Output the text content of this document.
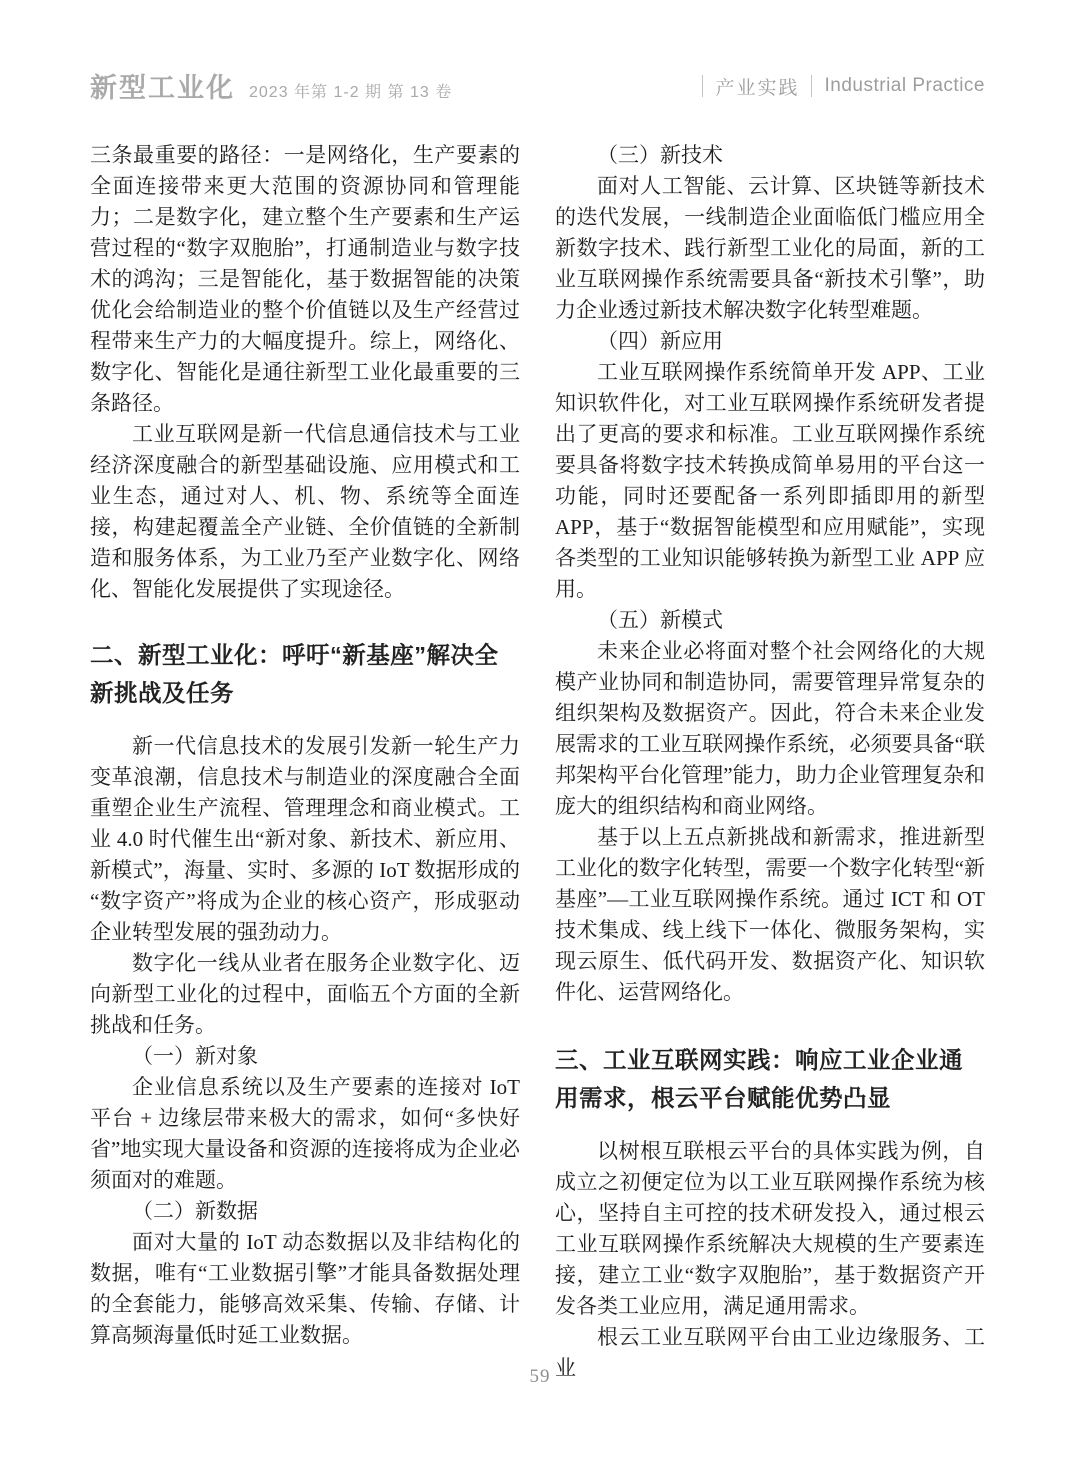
新型工业化 2023 年第 1-2 期 第 13 卷	产业实践 Industrial Practice

三条最重要的路径：一是网络化，生产要素的全面连接带来更大范围的资源协同和管理能力；二是数字化，建立整个生产要素和生产运营过程的“数字双胞胎”，打通制造业与数字技术的鸿沟；三是智能化，基于数据智能的决策优化会给制造业的整个价值链以及生产经营过程带来生产力的大幅度提升。综上，网络化、数字化、智能化是通往新型工业化最重要的三条路径。

工业互联网是新一代信息通信技术与工业经济深度融合的新型基础设施、应用模式和工业生态，通过对人、机、物、系统等全面连接，构建起覆盖全产业链、全价值链的全新制造和服务体系，为工业乃至产业数字化、网络化、智能化发展提供了实现途径。

二、新型工业化：呼吁“新基座”解决全新挑战及任务

新一代信息技术的发展引发新一轮生产力变革浪潮，信息技术与制造业的深度融合全面重塑企业生产流程、管理理念和商业模式。工业 4.0 时代催生出“新对象、新技术、新应用、新模式”，海量、实时、多源的 IoT 数据形成的“数字资产”将成为企业的核心资产，形成驱动企业转型发展的强劲动力。

数字化一线从业者在服务企业数字化、迈向新型工业化的过程中，面临五个方面的全新挑战和任务。

（一）新对象

企业信息系统以及生产要素的连接对 IoT 平台 + 边缘层带来极大的需求，如何“多快好省”地实现大量设备和资源的连接将成为企业必须面对的难题。

（二）新数据

面对大量的 IoT 动态数据以及非结构化的数据，唯有“工业数据引擎”才能具备数据处理的全套能力，能够高效采集、传输、存储、计算高频海量低时延工业数据。

（三）新技术

面对人工智能、云计算、区块链等新技术的迭代发展，一线制造企业面临低门槛应用全新数字技术、践行新型工业化的局面，新的工业互联网操作系统需要具备“新技术引擎”，助力企业透过新技术解决数字化转型难题。

（四）新应用

工业互联网操作系统简单开发 APP、工业知识软件化，对工业互联网操作系统研发者提出了更高的要求和标准。工业互联网操作系统要具备将数字技术转换成简单易用的平台这一功能，同时还要配备一系列即插即用的新型 APP，基于“数据智能模型和应用赋能”，实现各类型的工业知识能够转换为新型工业 APP 应用。

（五）新模式

未来企业必将面对整个社会网络化的大规模产业协同和制造协同，需要管理异常复杂的组织架构及数据资产。因此，符合未来企业发展需求的工业互联网操作系统，必须要具备“联邦架构平台化管理”能力，助力企业管理复杂和庞大的组织结构和商业网络。

基于以上五点新挑战和新需求，推进新型工业化的数字化转型，需要一个数字化转型“新基座”—工业互联网操作系统。通过 ICT 和 OT 技术集成、线上线下一体化、微服务架构，实现云原生、低代码开发、数据资产化、知识软件化、运营网络化。

三、工业互联网实践：响应工业企业通用需求，根云平台赋能优势凸显

以树根互联根云平台的具体实践为例，自成立之初便定位为以工业互联网操作系统为核心，坚持自主可控的技术研发投入，通过根云工业互联网操作系统解决大规模的生产要素连接，建立工业“数字双胞胎”，基于数据资产开发各类工业应用，满足通用需求。

根云工业互联网平台由工业边缘服务、工业

59
